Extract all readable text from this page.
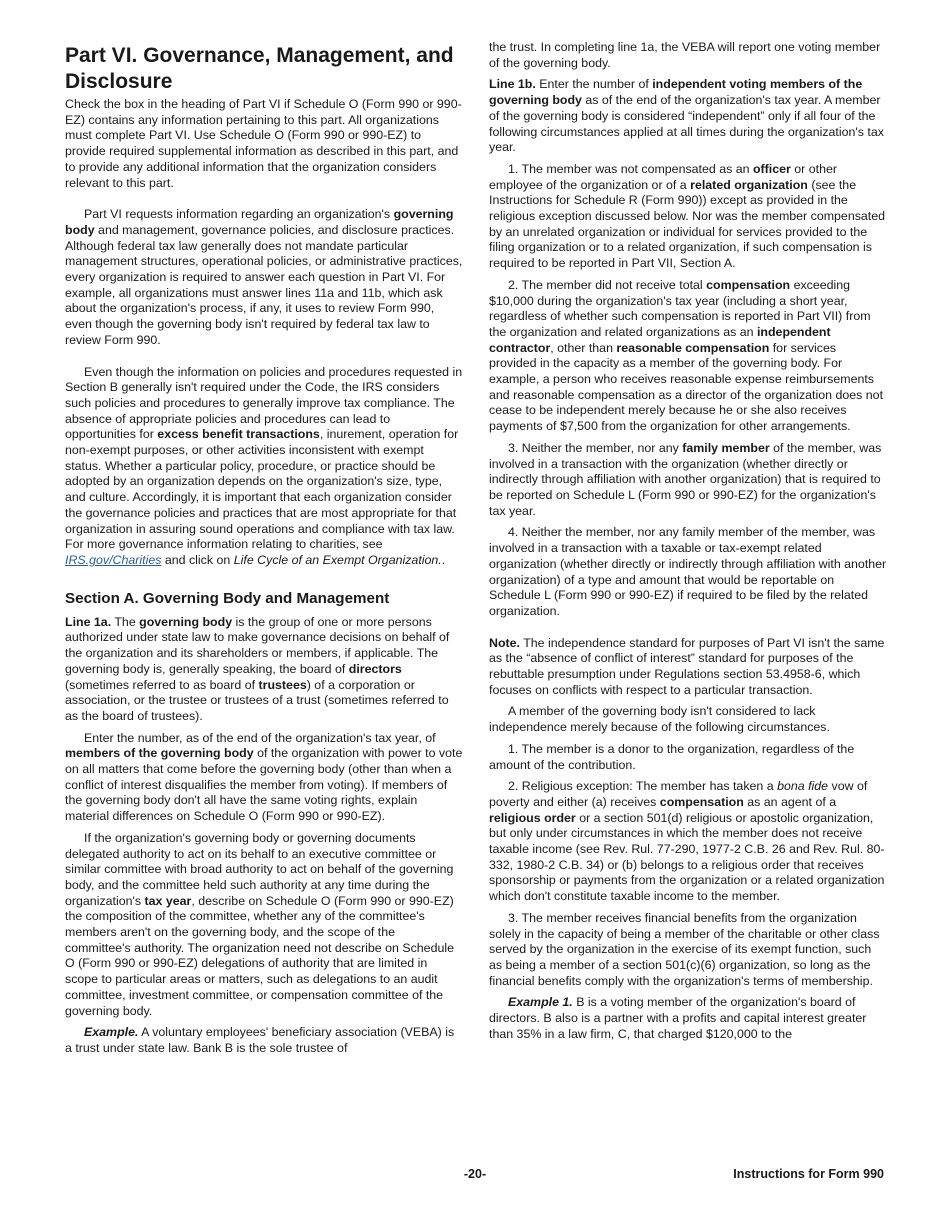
Part VI. Governance, Management, and Disclosure

Check the box in the heading of Part VI if Schedule O (Form 990 or 990-EZ) contains any information pertaining to this part. All organizations must complete Part VI. Use Schedule O (Form 990 or 990-EZ) to provide required supplemental information as described in this part, and to provide any additional information that the organization considers relevant to this part.

Part VI requests information regarding an organization's governing body and management, governance policies, and disclosure practices. Although federal tax law generally does not mandate particular management structures, operational policies, or administrative practices, every organization is required to answer each question in Part VI. For example, all organizations must answer lines 11a and 11b, which ask about the organization's process, if any, it uses to review Form 990, even though the governing body isn't required by federal tax law to review Form 990.

Even though the information on policies and procedures requested in Section B generally isn't required under the Code, the IRS considers such policies and procedures to generally improve tax compliance. The absence of appropriate policies and procedures can lead to opportunities for excess benefit transactions, inurement, operation for non-exempt purposes, or other activities inconsistent with exempt status. Whether a particular policy, procedure, or practice should be adopted by an organization depends on the organization's size, type, and culture. Accordingly, it is important that each organization consider the governance policies and practices that are most appropriate for that organization in assuring sound operations and compliance with tax law. For more governance information relating to charities, see IRS.gov/Charities and click on Life Cycle of an Exempt Organization..

Section A. Governing Body and Management

Line 1a. The governing body is the group of one or more persons authorized under state law to make governance decisions on behalf of the organization and its shareholders or members, if applicable. The governing body is, generally speaking, the board of directors (sometimes referred to as board of trustees) of a corporation or association, or the trustee or trustees of a trust (sometimes referred to as the board of trustees).

Enter the number, as of the end of the organization's tax year, of members of the governing body of the organization with power to vote on all matters that come before the governing body (other than when a conflict of interest disqualifies the member from voting). If members of the governing body don't all have the same voting rights, explain material differences on Schedule O (Form 990 or 990-EZ).

If the organization's governing body or governing documents delegated authority to act on its behalf to an executive committee or similar committee with broad authority to act on behalf of the governing body, and the committee held such authority at any time during the organization's tax year, describe on Schedule O (Form 990 or 990-EZ) the composition of the committee, whether any of the committee's members aren't on the governing body, and the scope of the committee's authority. The organization need not describe on Schedule O (Form 990 or 990-EZ) delegations of authority that are limited in scope to particular areas or matters, such as delegations to an audit committee, investment committee, or compensation committee of the governing body.

Example. A voluntary employees' beneficiary association (VEBA) is a trust under state law. Bank B is the sole trustee of

the trust. In completing line 1a, the VEBA will report one voting member of the governing body.

Line 1b. Enter the number of independent voting members of the governing body as of the end of the organization's tax year. A member of the governing body is considered “independent” only if all four of the following circumstances applied at all times during the organization's tax year.

1. The member was not compensated as an officer or other employee of the organization or of a related organization (see the Instructions for Schedule R (Form 990)) except as provided in the religious exception discussed below. Nor was the member compensated by an unrelated organization or individual for services provided to the filing organization or to a related organization, if such compensation is required to be reported in Part VII, Section A.

2. The member did not receive total compensation exceeding $10,000 during the organization's tax year (including a short year, regardless of whether such compensation is reported in Part VII) from the organization and related organizations as an independent contractor, other than reasonable compensation for services provided in the capacity as a member of the governing body. For example, a person who receives reasonable expense reimbursements and reasonable compensation as a director of the organization does not cease to be independent merely because he or she also receives payments of $7,500 from the organization for other arrangements.

3. Neither the member, nor any family member of the member, was involved in a transaction with the organization (whether directly or indirectly through affiliation with another organization) that is required to be reported on Schedule L (Form 990 or 990-EZ) for the organization's tax year.

4. Neither the member, nor any family member of the member, was involved in a transaction with a taxable or tax-exempt related organization (whether directly or indirectly through affiliation with another organization) of a type and amount that would be reportable on Schedule L (Form 990 or 990-EZ) if required to be filed by the related organization.

Note. The independence standard for purposes of Part VI isn't the same as the “absence of conflict of interest” standard for purposes of the rebuttable presumption under Regulations section 53.4958-6, which focuses on conflicts with respect to a particular transaction.

A member of the governing body isn't considered to lack independence merely because of the following circumstances.

1. The member is a donor to the organization, regardless of the amount of the contribution.

2. Religious exception: The member has taken a bona fide vow of poverty and either (a) receives compensation as an agent of a religious order or a section 501(d) religious or apostolic organization, but only under circumstances in which the member does not receive taxable income (see Rev. Rul. 77-290, 1977-2 C.B. 26 and Rev. Rul. 80-332, 1980-2 C.B. 34) or (b) belongs to a religious order that receives sponsorship or payments from the organization or a related organization which don't constitute taxable income to the member.

3. The member receives financial benefits from the organization solely in the capacity of being a member of the charitable or other class served by the organization in the exercise of its exempt function, such as being a member of a section 501(c)(6) organization, so long as the financial benefits comply with the organization's terms of membership.

Example 1. B is a voting member of the organization's board of directors. B also is a partner with a profits and capital interest greater than 35% in a law firm, C, that charged $120,000 to the

-20-	Instructions for Form 990
